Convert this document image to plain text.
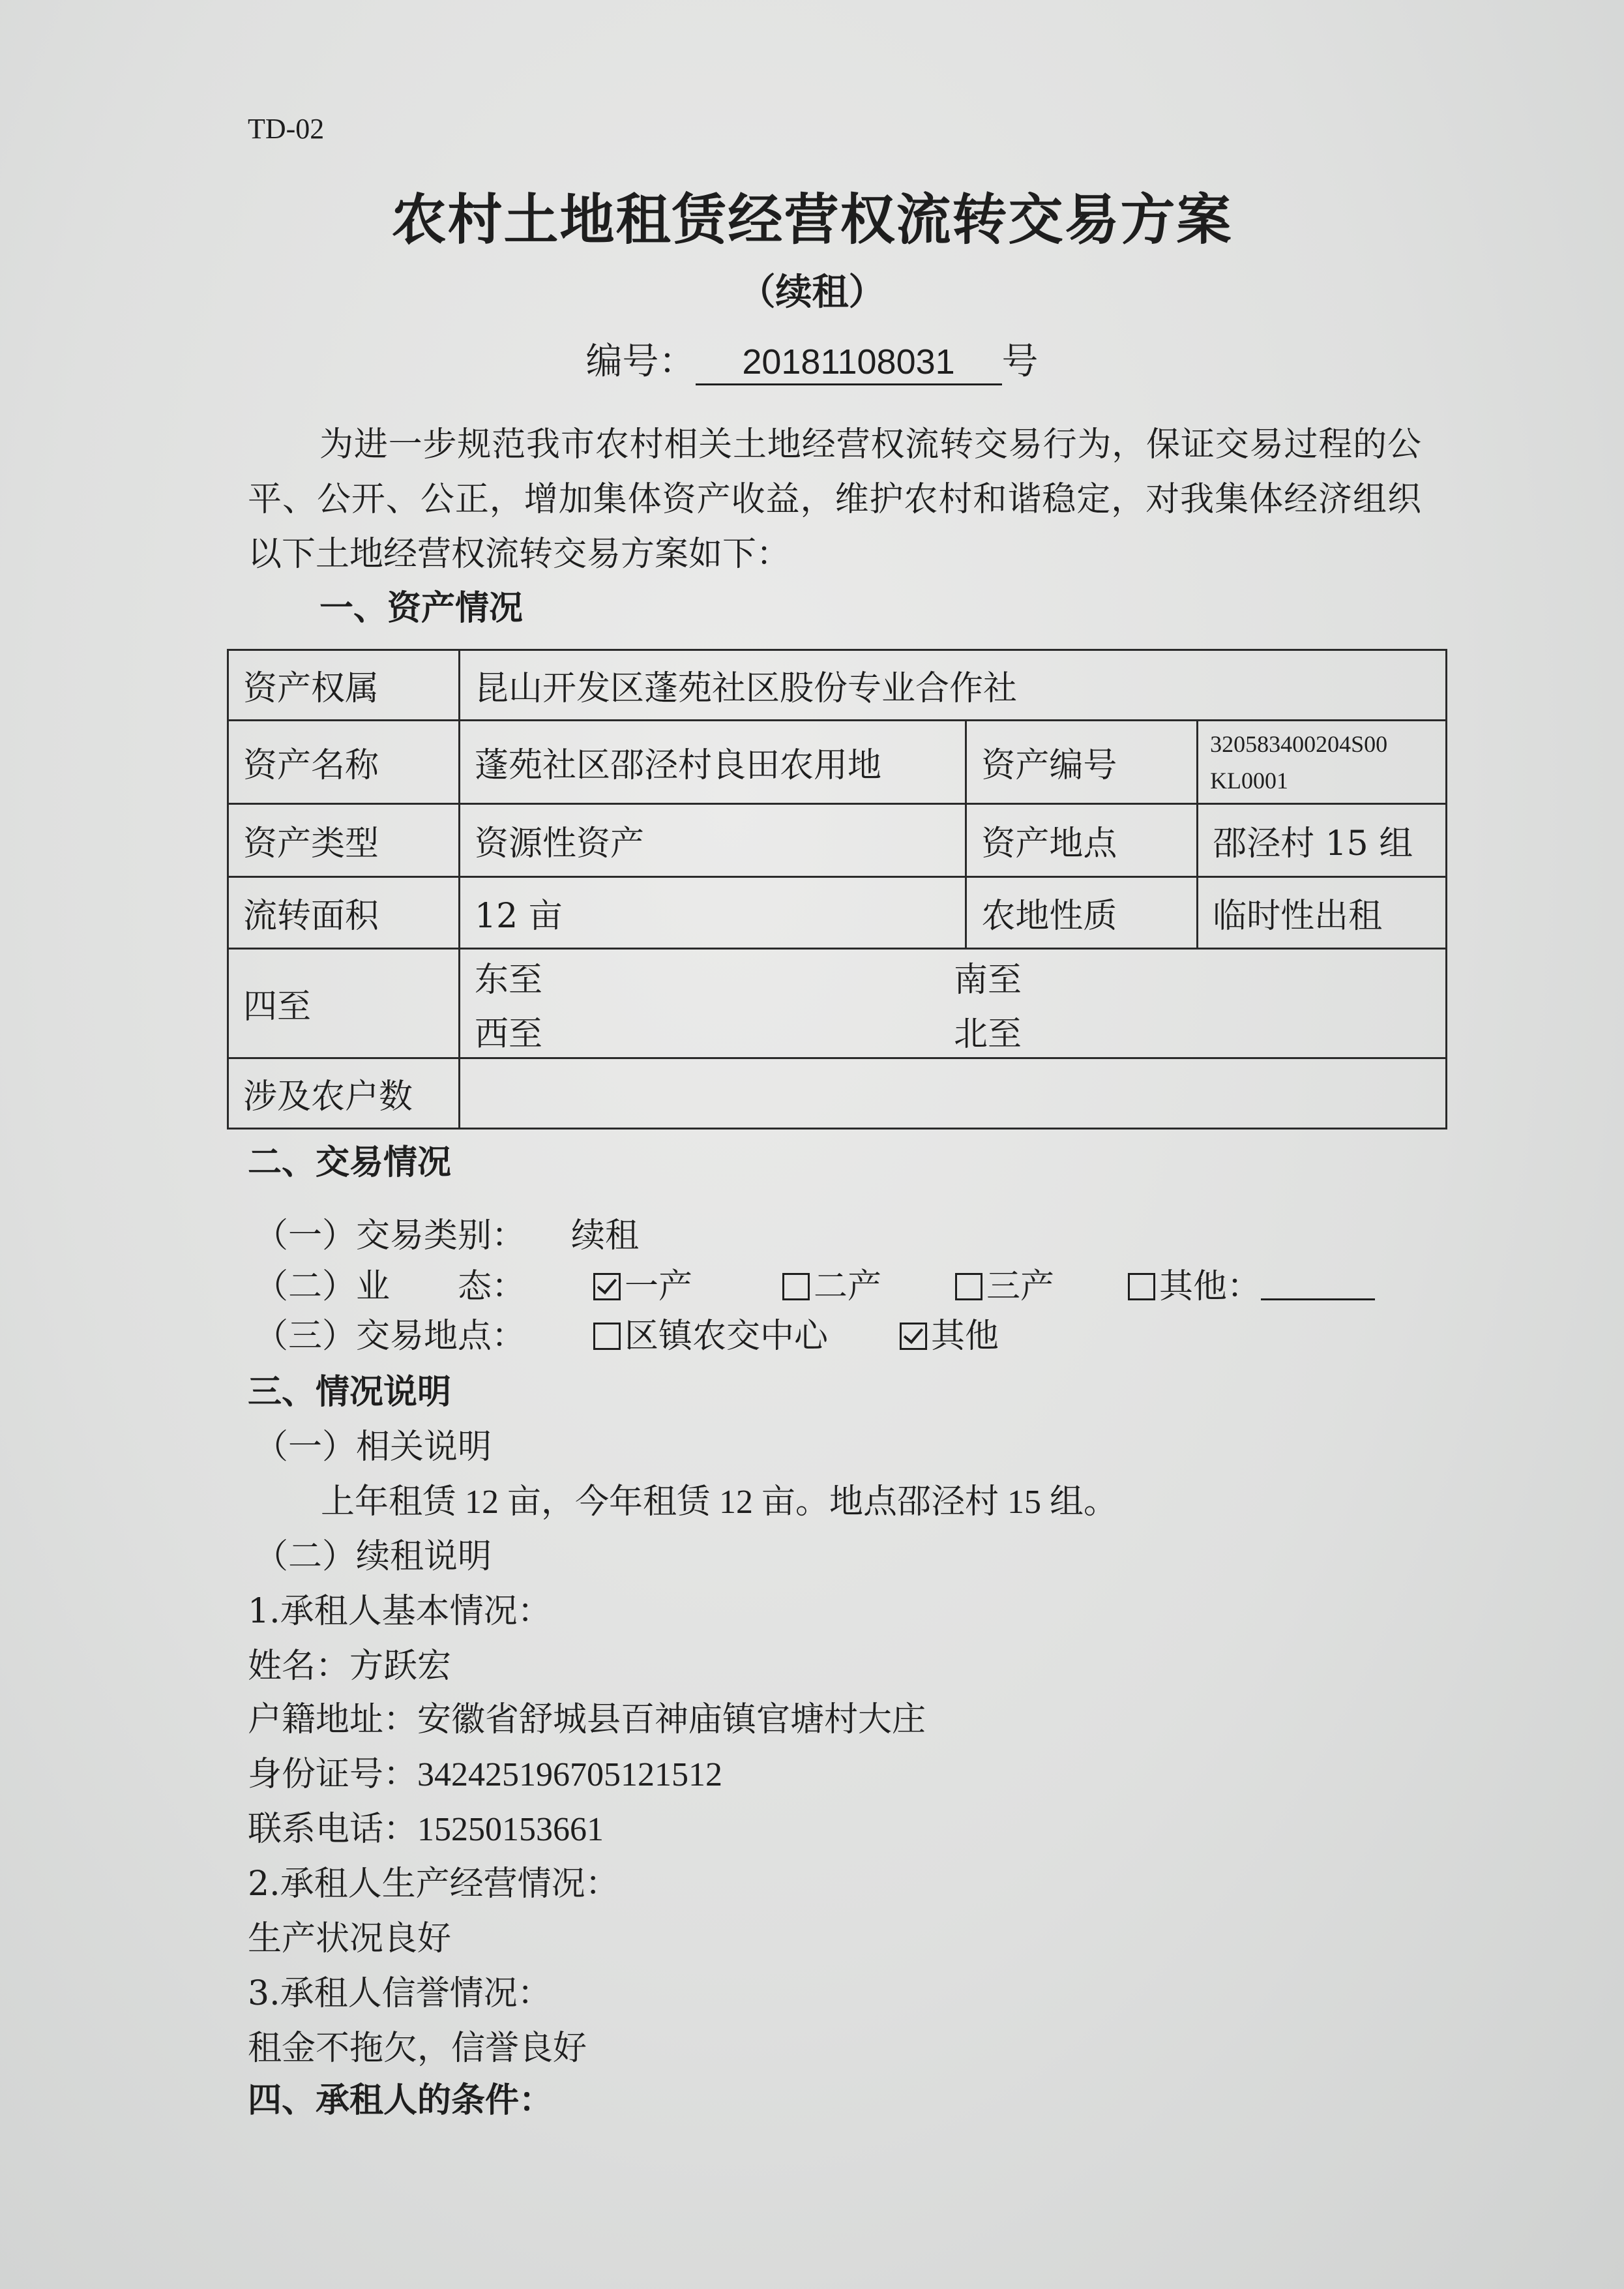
TD-02
农村土地租赁经营权流转交易方案
（续租）
编号： 20181108031 号
为进一步规范我市农村相关土地经营权流转交易行为，保证交易过程的公平、公开、公正，增加集体资产收益，维护农村和谐稳定，对我集体经济组织以下土地经营权流转交易方案如下：
一、资产情况
资产权属	昆山开发区蓬苑社区股份专业合作社		
资产名称	蓬苑社区邵泾村良田农用地	资产编号	320583400204S00
KL0001

资产类型	资源性资产	资产地点	邵泾村 15 组
流转面积	12 亩	农地性质	临时性出租
四至	东至 南至
西至 北至		

涉及农户数			
二、交易情况
（一）交易类别： 续租
（二）业　　态：	一产	二产	三产	其他：
（三）交易地点：	区镇农交中心	其他
三、情况说明
（一）相关说明
上年租赁 12 亩，今年租赁 12 亩。地点邵泾村 15 组。
（二）续租说明
1.承租人基本情况：
姓名：方跃宏
户籍地址：安徽省舒城县百神庙镇官塘村大庄
身份证号：342425196705121512
联系电话：15250153661
2.承租人生产经营情况：
生产状况良好
3.承租人信誉情况：
租金不拖欠，信誉良好
四、承租人的条件：
